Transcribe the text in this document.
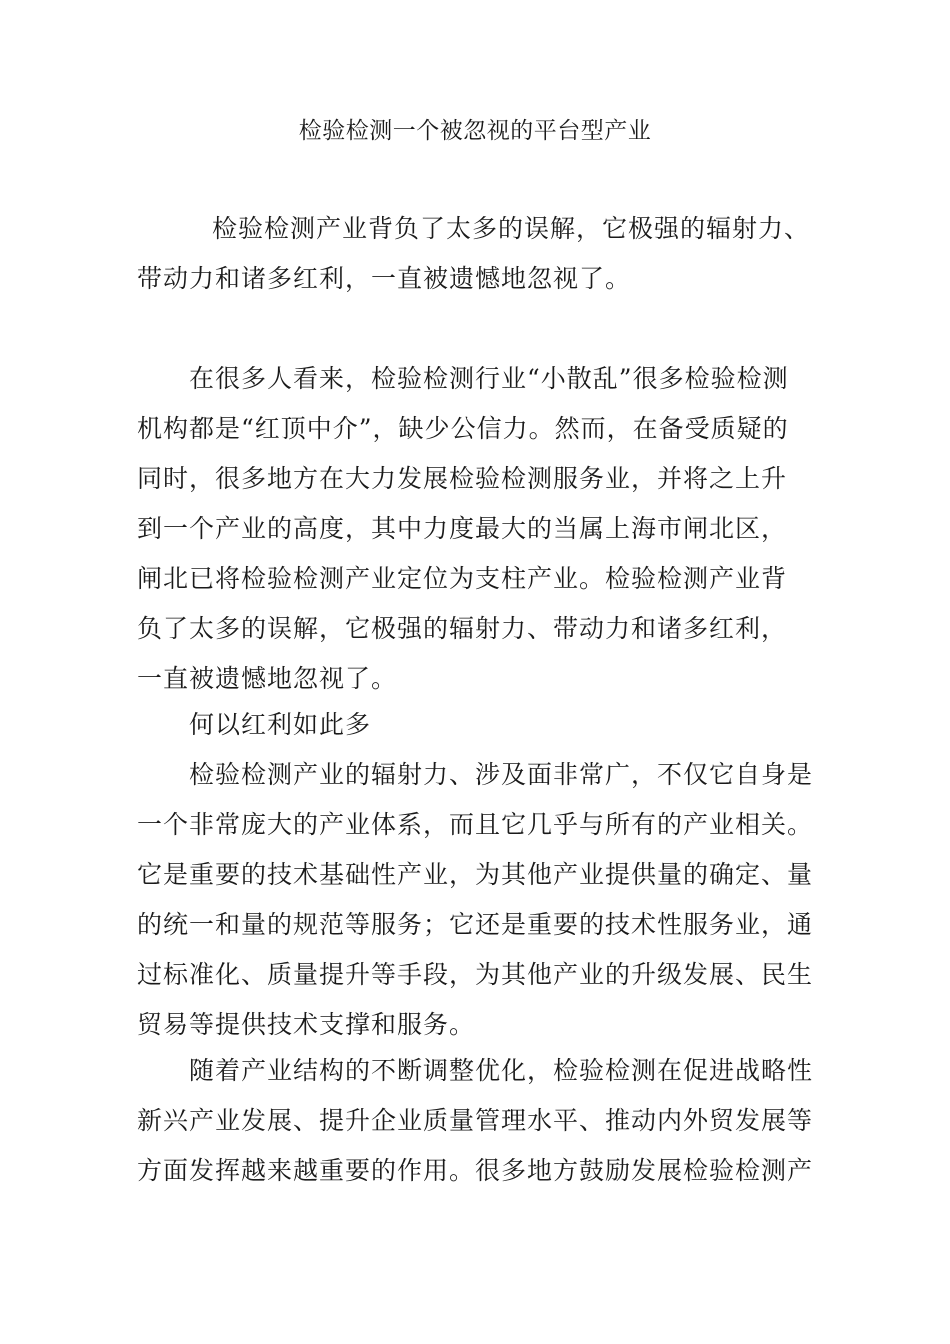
检验检测一个被忽视的平台型产业

检验检测产业背负了太多的误解，它极强的辐射力、带动力和诸多红利，一直被遗憾地忽视了。

在很多人看来，检验检测行业“小散乱”很多检验检测机构都是“红顶中介”，缺少公信力。然而，在备受质疑的同时，很多地方在大力发展检验检测服务业，并将之上升到一个产业的高度，其中力度最大的当属上海市闸北区，闸北已将检验检测产业定位为支柱产业。检验检测产业背负了太多的误解，它极强的辐射力、带动力和诸多红利，一直被遗憾地忽视了。

何以红利如此多

检验检测产业的辐射力、涉及面非常广，不仅它自身是一个非常庞大的产业体系，而且它几乎与所有的产业相关。它是重要的技术基础性产业，为其他产业提供量的确定、量的统一和量的规范等服务；它还是重要的技术性服务业，通过标准化、质量提升等手段，为其他产业的升级发展、民生贸易等提供技术支撑和服务。

随着产业结构的不断调整优化，检验检测在促进战略性新兴产业发展、提升企业质量管理水平、推动内外贸发展等方面发挥越来越重要的作用。很多地方鼓励发展检验检测产
